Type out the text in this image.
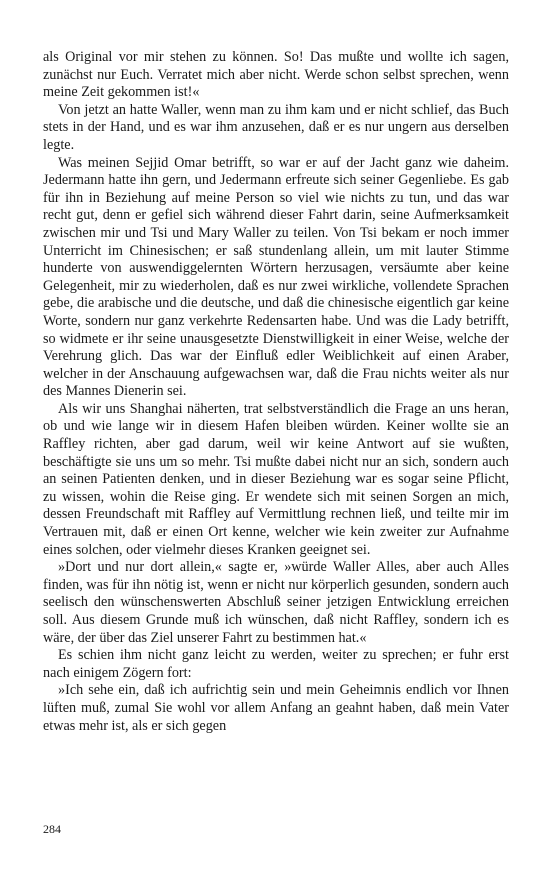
als Original vor mir stehen zu können. So! Das mußte und wollte ich sagen, zunächst nur Euch. Verratet mich aber nicht. Werde schon selbst sprechen, wenn meine Zeit gekommen ist!«

Von jetzt an hatte Waller, wenn man zu ihm kam und er nicht schlief, das Buch stets in der Hand, und es war ihm anzusehen, daß er es nur ungern aus derselben legte.

Was meinen Sejjid Omar betrifft, so war er auf der Jacht ganz wie daheim. Jedermann hatte ihn gern, und Jedermann erfreute sich seiner Gegenliebe. Es gab für ihn in Beziehung auf meine Person so viel wie nichts zu tun, und das war recht gut, denn er gefiel sich während dieser Fahrt darin, seine Aufmerksamkeit zwischen mir und Tsi und Mary Waller zu teilen. Von Tsi bekam er noch immer Unterricht im Chinesischen; er saß stundenlang allein, um mit lauter Stimme hunderte von auswendiggelernten Wörtern herzusagen, versäumte aber keine Gelegenheit, mir zu wiederholen, daß es nur zwei wirkliche, vollendete Sprachen gebe, die arabische und die deutsche, und daß die chinesische eigentlich gar keine Worte, sondern nur ganz verkehrte Redensarten habe. Und was die Lady betrifft, so widmete er ihr seine unausgesetzte Dienstwilligkeit in einer Weise, welche der Verehrung glich. Das war der Einfluß edler Weiblichkeit auf einen Araber, welcher in der Anschauung aufgewachsen war, daß die Frau nichts weiter als nur des Mannes Dienerin sei.

Als wir uns Shanghai näherten, trat selbstverständlich die Frage an uns heran, ob und wie lange wir in diesem Hafen bleiben würden. Keiner wollte sie an Raffley richten, aber gad darum, weil wir keine Antwort auf sie wußten, beschäftigte sie uns um so mehr. Tsi mußte dabei nicht nur an sich, sondern auch an seinen Patienten denken, und in dieser Beziehung war es sogar seine Pflicht, zu wissen, wohin die Reise ging. Er wendete sich mit seinen Sorgen an mich, dessen Freundschaft mit Raffley auf Vermittlung rechnen ließ, und teilte mir im Vertrauen mit, daß er einen Ort kenne, welcher wie kein zweiter zur Aufnahme eines solchen, oder vielmehr dieses Kranken geeignet sei.

»Dort und nur dort allein,« sagte er, »würde Waller Alles, aber auch Alles finden, was für ihn nötig ist, wenn er nicht nur körperlich gesunden, sondern auch seelisch den wünschenswerten Abschluß seiner jetzigen Entwicklung erreichen soll. Aus diesem Grunde muß ich wünschen, daß nicht Raffley, sondern ich es wäre, der über das Ziel unserer Fahrt zu bestimmen hat.«

Es schien ihm nicht ganz leicht zu werden, weiter zu sprechen; er fuhr erst nach einigem Zögern fort:

»Ich sehe ein, daß ich aufrichtig sein und mein Geheimnis endlich vor Ihnen lüften muß, zumal Sie wohl vor allem Anfang an geahnt haben, daß mein Vater etwas mehr ist, als er sich gegen

284
